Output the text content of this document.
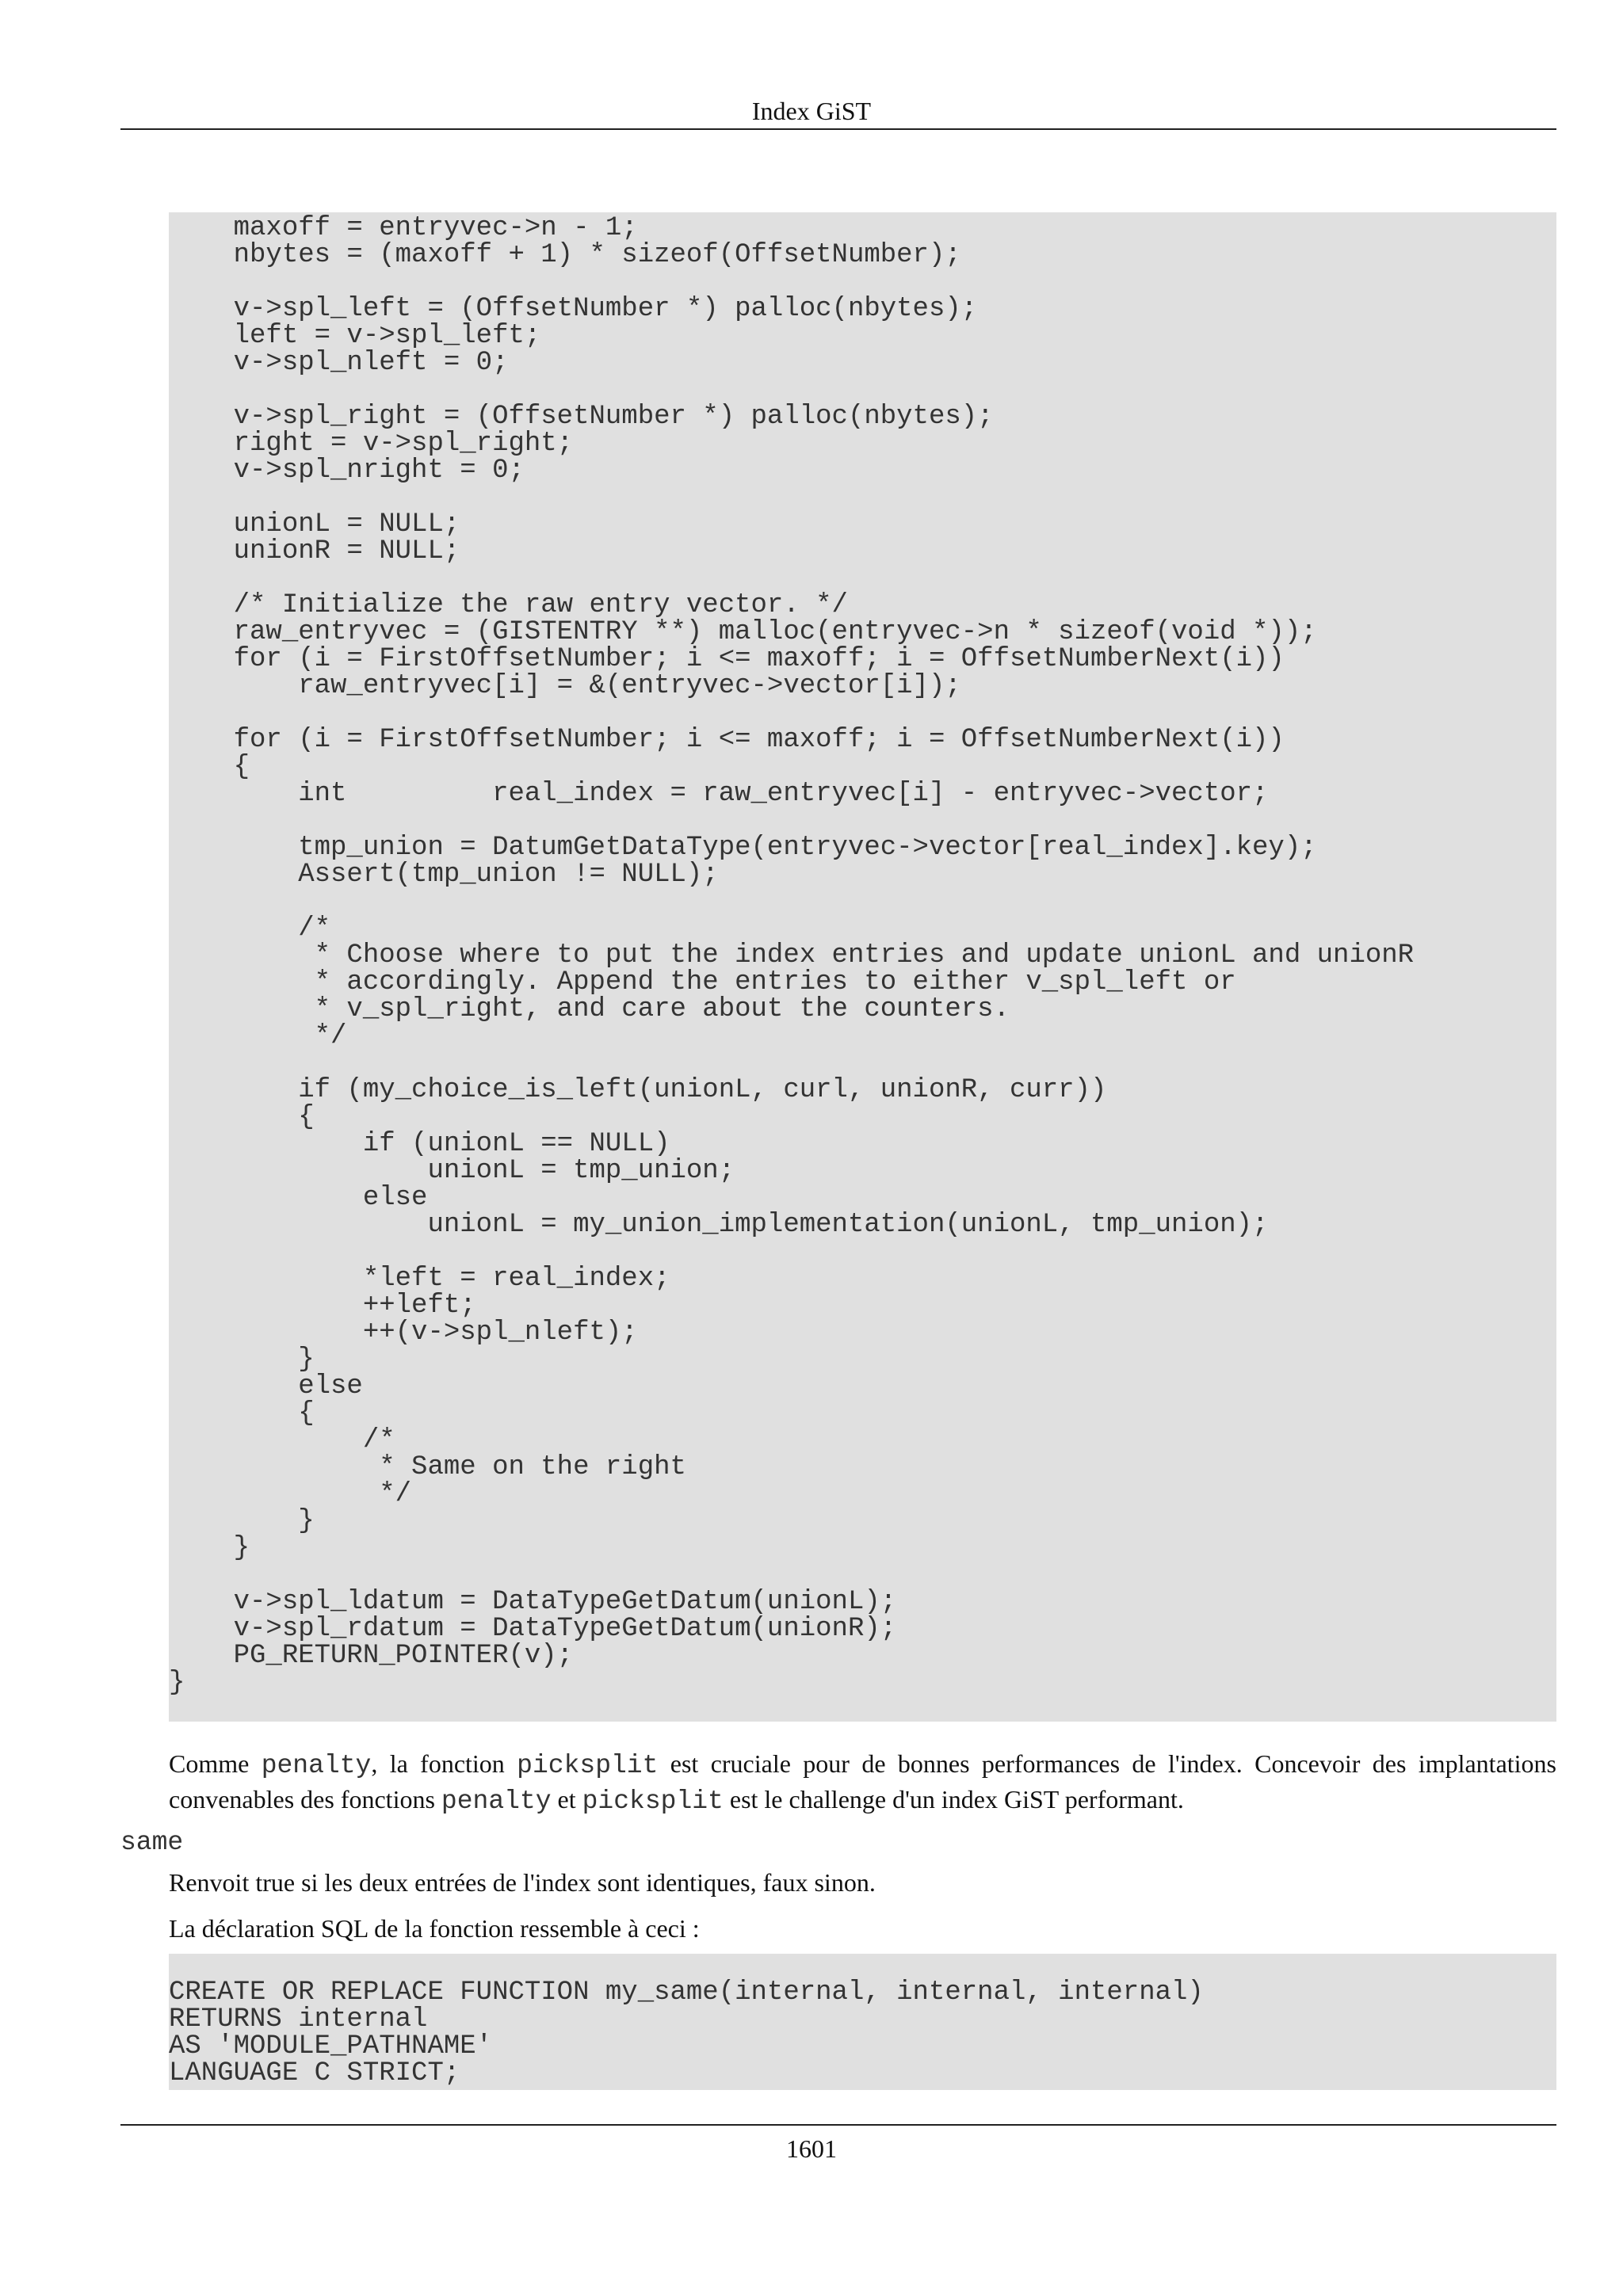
Index GiST
maxoff = entryvec->n - 1;
nbytes = (maxoff + 1) * sizeof(OffsetNumber);

v->spl_left = (OffsetNumber *) palloc(nbytes);
left = v->spl_left;
v->spl_nleft = 0;

v->spl_right = (OffsetNumber *) palloc(nbytes);
right = v->spl_right;
v->spl_nright = 0;

unionL = NULL;
unionR = NULL;

/* Initialize the raw entry vector. */
raw_entryvec = (GISTENTRY **) malloc(entryvec->n * sizeof(void *));
for (i = FirstOffsetNumber; i <= maxoff; i = OffsetNumberNext(i))
raw_entryvec[i] = &(entryvec->vector[i]);

for (i = FirstOffsetNumber; i <= maxoff; i = OffsetNumberNext(i))
{
int         real_index = raw_entryvec[i] - entryvec->vector;

tmp_union = DatumGetDataType(entryvec->vector[real_index].key);
Assert(tmp_union != NULL);

/*
* Choose where to put the index entries and update unionL and unionR
* accordingly. Append the entries to either v_spl_left or
* v_spl_right, and care about the counters.
*/

if (my_choice_is_left(unionL, curl, unionR, curr))
{
if (unionL == NULL)
unionL = tmp_union;
else
unionL = my_union_implementation(unionL, tmp_union);

*left = real_index;
++left;
++(v->spl_nleft);
}
else
{
/*
* Same on the right
*/
}
}

v->spl_ldatum = DataTypeGetDatum(unionL);
v->spl_rdatum = DataTypeGetDatum(unionR);
PG_RETURN_POINTER(v);
}

Comme penalty, la fonction picksplit est cruciale pour de bonnes performances de l'index. Concevoir des implantations convenables des fonctions penalty et picksplit est le challenge d'un index GiST performant.

same

Renvoit true si les deux entrées de l'index sont identiques, faux sinon.

La déclaration SQL de la fonction ressemble à ceci :

CREATE OR REPLACE FUNCTION my_same(internal, internal, internal)
RETURNS internal
AS 'MODULE_PATHNAME'
LANGUAGE C STRICT;
1601
